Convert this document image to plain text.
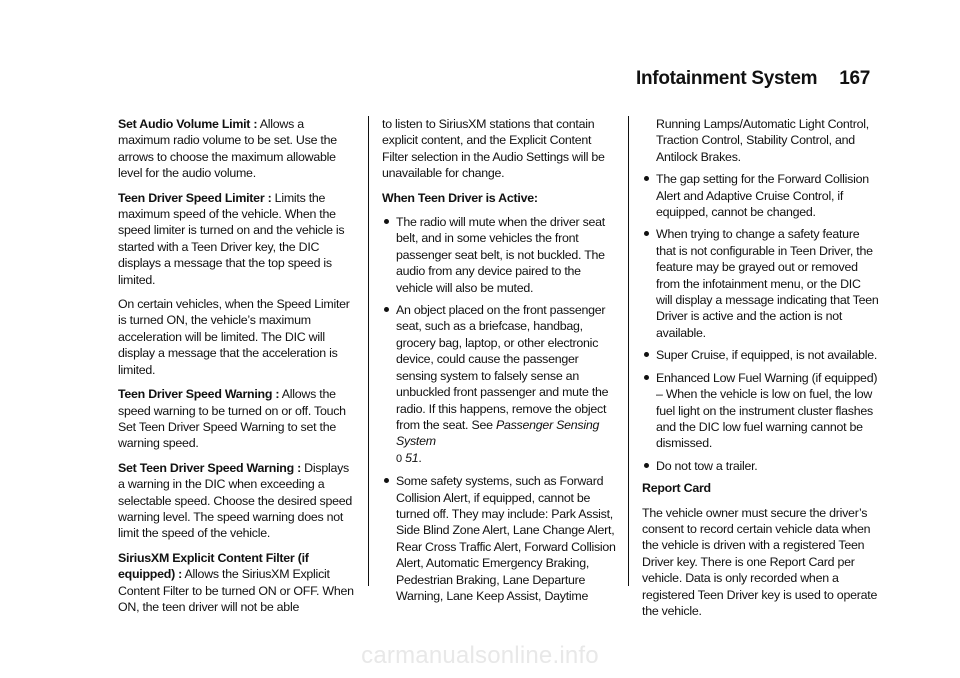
Infotainment System 167

Set Audio Volume Limit : Allows a maximum radio volume to be set. Use the arrows to choose the maximum allowable level for the audio volume.

Teen Driver Speed Limiter : Limits the maximum speed of the vehicle. When the speed limiter is turned on and the vehicle is started with a Teen Driver key, the DIC displays a message that the top speed is limited.

On certain vehicles, when the Speed Limiter is turned ON, the vehicle’s maximum acceleration will be limited. The DIC will display a message that the acceleration is limited.

Teen Driver Speed Warning : Allows the speed warning to be turned on or off. Touch Set Teen Driver Speed Warning to set the warning speed.

Set Teen Driver Speed Warning : Displays a warning in the DIC when exceeding a selectable speed. Choose the desired speed warning level. The speed warning does not limit the speed of the vehicle.

SiriusXM Explicit Content Filter (if equipped) : Allows the SiriusXM Explicit Content Filter to be turned ON or OFF. When ON, the teen driver will not be able

to listen to SiriusXM stations that contain explicit content, and the Explicit Content Filter selection in the Audio Settings will be unavailable for change.

When Teen Driver is Active:

The radio will mute when the driver seat belt, and in some vehicles the front passenger seat belt, is not buckled. The audio from any device paired to the vehicle will also be muted.
An object placed on the front passenger seat, such as a briefcase, handbag, grocery bag, laptop, or other electronic device, could cause the passenger sensing system to falsely sense an unbuckled front passenger and mute the radio. If this happens, remove the object from the seat. See Passenger Sensing System
0 51.
Some safety systems, such as Forward Collision Alert, if equipped, cannot be turned off. They may include: Park Assist, Side Blind Zone Alert, Lane Change Alert, Rear Cross Traffic Alert, Forward Collision Alert, Automatic Emergency Braking, Pedestrian Braking, Lane Departure Warning, Lane Keep Assist, Daytime
Running Lamps/Automatic Light Control, Traction Control, Stability Control, and Antilock Brakes.
The gap setting for the Forward Collision Alert and Adaptive Cruise Control, if equipped, cannot be changed.
When trying to change a safety feature that is not configurable in Teen Driver, the feature may be grayed out or removed from the infotainment menu, or the DIC will display a message indicating that Teen Driver is active and the action is not available.
Super Cruise, if equipped, is not available.
Enhanced Low Fuel Warning (if equipped) – When the vehicle is low on fuel, the low fuel light on the instrument cluster flashes and the DIC low fuel warning cannot be dismissed.
Do not tow a trailer.

Report Card

The vehicle owner must secure the driver’s consent to record certain vehicle data when the vehicle is driven with a registered Teen Driver key. There is one Report Card per vehicle. Data is only recorded when a registered Teen Driver key is used to operate the vehicle.

carmanualsonline.info
